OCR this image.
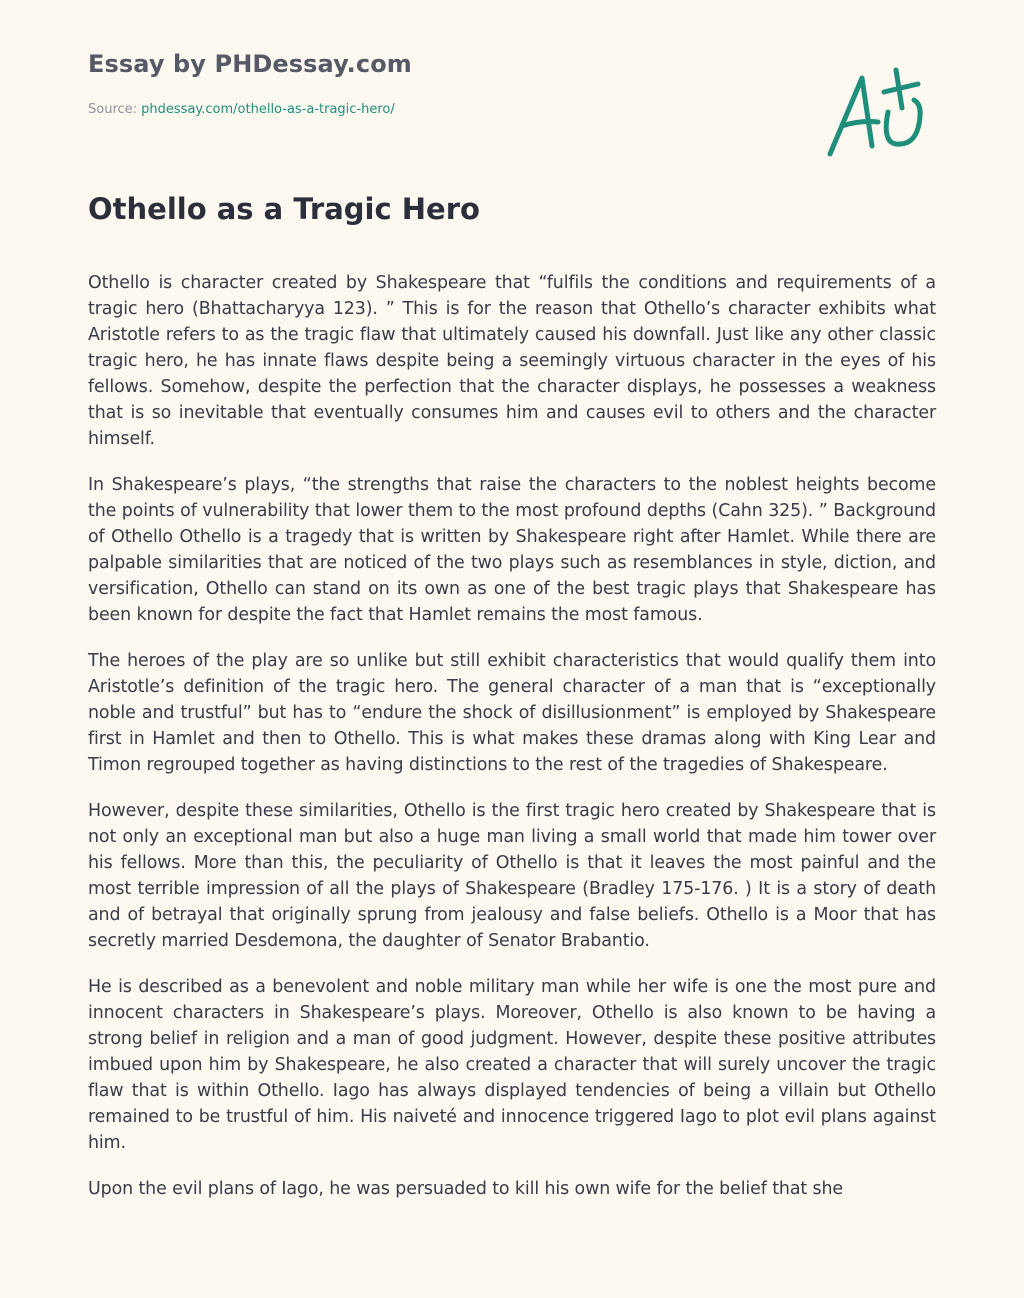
Essay by PHDessay.com
Source: phdessay.com/othello-as-a-tragic-hero/
Othello as a Tragic Hero

Othello is character created by Shakespeare that “fulfils the conditions and requirements of a tragic hero (Bhattacharyya 123). ” This is for the reason that Othello’s character exhibits what Aristotle refers to as the tragic flaw that ultimately caused his downfall. Just like any other classic tragic hero, he has innate flaws despite being a seemingly virtuous character in the eyes of his fellows. Somehow, despite the perfection that the character displays, he possesses a weakness that is so inevitable that eventually consumes him and causes evil to others and the character himself.

In Shakespeare’s plays, “the strengths that raise the characters to the noblest heights become the points of vulnerability that lower them to the most profound depths (Cahn 325). ” Background of Othello Othello is a tragedy that is written by Shakespeare right after Hamlet. While there are palpable similarities that are noticed of the two plays such as resemblances in style, diction, and versification, Othello can stand on its own as one of the best tragic plays that Shakespeare has been known for despite the fact that Hamlet remains the most famous.

The heroes of the play are so unlike but still exhibit characteristics that would qualify them into Aristotle’s definition of the tragic hero. The general character of a man that is “exceptionally noble and trustful” but has to “endure the shock of disillusionment” is employed by Shakespeare first in Hamlet and then to Othello. This is what makes these dramas along with King Lear and Timon regrouped together as having distinctions to the rest of the tragedies of Shakespeare.

However, despite these similarities, Othello is the first tragic hero created by Shakespeare that is not only an exceptional man but also a huge man living a small world that made him tower over his fellows. More than this, the peculiarity of Othello is that it leaves the most painful and the most terrible impression of all the plays of Shakespeare (Bradley 175-176. ) It is a story of death and of betrayal that originally sprung from jealousy and false beliefs. Othello is a Moor that has secretly married Desdemona, the daughter of Senator Brabantio.

He is described as a benevolent and noble military man while her wife is one the most pure and innocent characters in Shakespeare’s plays. Moreover, Othello is also known to be having a strong belief in religion and a man of good judgment. However, despite these positive attributes imbued upon him by Shakespeare, he also created a character that will surely uncover the tragic flaw that is within Othello. Iago has always displayed tendencies of being a villain but Othello remained to be trustful of him. His naiveté and innocence triggered Iago to plot evil plans against him.

Upon the evil plans of Iago, he was persuaded to kill his own wife for the belief that she
